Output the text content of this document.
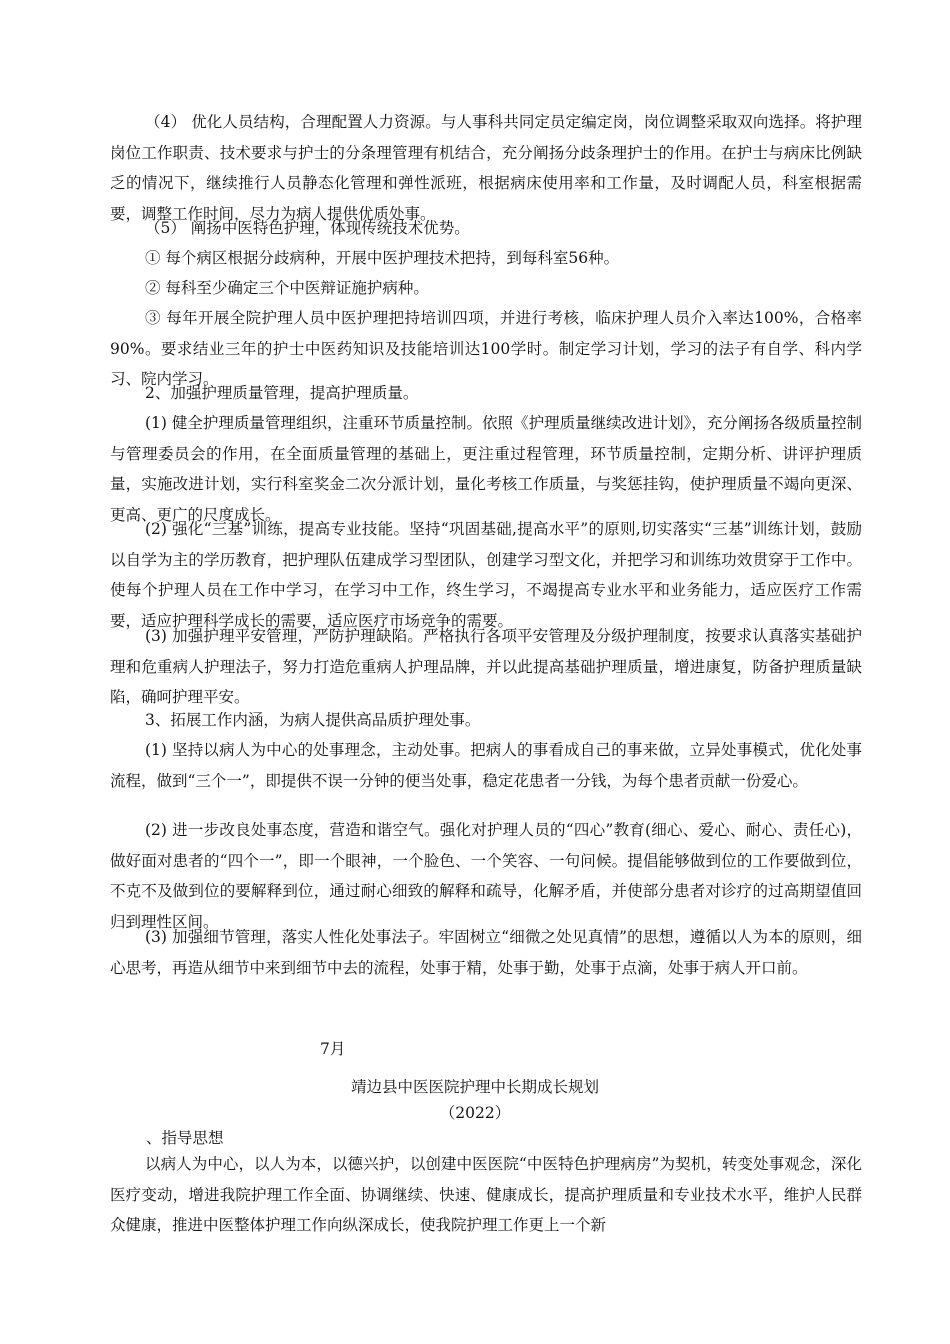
（4） 优化人员结构，合理配置人力资源。与人事科共同定员定编定岗，岗位调整采取双向选择。将护理岗位工作职责、技术要求与护士的分条理管理有机结合，充分阐扬分歧条理护士的作用。在护士与病床比例缺乏的情况下，继续推行人员静态化管理和弹性派班，根据病床使用率和工作量，及时调配人员，科室根据需要，调整工作时间，尽力为病人提供优质处事。

（5） 阐扬中医特色护理，体现传统技术优势。

① 每个病区根据分歧病种，开展中医护理技术把持，到每科室56种。

② 每科至少确定三个中医辩证施护病种。

③ 每年开展全院护理人员中医护理把持培训四项，并进行考核，临床护理人员介入率达100%，合格率90%。要求结业三年的护士中医药知识及技能培训达100学时。制定学习计划，学习的法子有自学、科内学习、院内学习。

2、加强护理质量管理，提高护理质量。

(1) 健全护理质量管理组织，注重环节质量控制。依照《护理质量继续改进计划》，充分阐扬各级质量控制与管理委员会的作用，在全面质量管理的基础上，更注重过程管理，环节质量控制，定期分析、讲评护理质量，实施改进计划，实行科室奖金二次分派计划，量化考核工作质量，与奖惩挂钩，使护理质量不竭向更深、更高、更广的尺度成长。

(2) 强化“三基”训练，提高专业技能。坚持“巩固基础,提高水平”的原则,切实落实“三基”训练计划，鼓励以自学为主的学历教育，把护理队伍建成学习型团队，创建学习型文化，并把学习和训练功效贯穿于工作中。使每个护理人员在工作中学习，在学习中工作，终生学习，不竭提高专业水平和业务能力，适应医疗工作需要，适应护理科学成长的需要，适应医疗市场竞争的需要。

(3) 加强护理平安管理，严防护理缺陷。严格执行各项平安管理及分级护理制度，按要求认真落实基础护理和危重病人护理法子，努力打造危重病人护理品牌，并以此提高基础护理质量，增进康复，防备护理质量缺陷，确呵护理平安。

3、拓展工作内涵，为病人提供高品质护理处事。

(1) 坚持以病人为中心的处事理念，主动处事。把病人的事看成自己的事来做，立异处事模式，优化处事流程，做到“三个一”，即提供不误一分钟的便当处事，稳定花患者一分钱，为每个患者贡献一份爱心。

(2) 进一步改良处事态度，营造和谐空气。强化对护理人员的“四心”教育(细心、爱心、耐心、责任心)，做好面对患者的“四个一”，即一个眼神，一个脸色、一个笑容、一句问候。提倡能够做到位的工作要做到位，不克不及做到位的要解释到位，通过耐心细致的解释和疏导，化解矛盾，并使部分患者对诊疗的过高期望值回归到理性区间。

(3) 加强细节管理，落实人性化处事法子。牢固树立“细微之处见真情”的思想，遵循以人为本的原则，细心思考，再造从细节中来到细节中去的流程，处事于精，处事于勤，处事于点滴，处事于病人开口前。

7月

靖边县中医医院护理中长期成长规划

（2022）

、指导思想

以病人为中心，以人为本，以德兴护，以创建中医医院“中医特色护理病房”为契机，转变处事观念，深化医疗变动，增进我院护理工作全面、协调继续、快速、健康成长，提高护理质量和专业技术水平，维护人民群众健康，推进中医整体护理工作向纵深成长，使我院护理工作更上一个新
